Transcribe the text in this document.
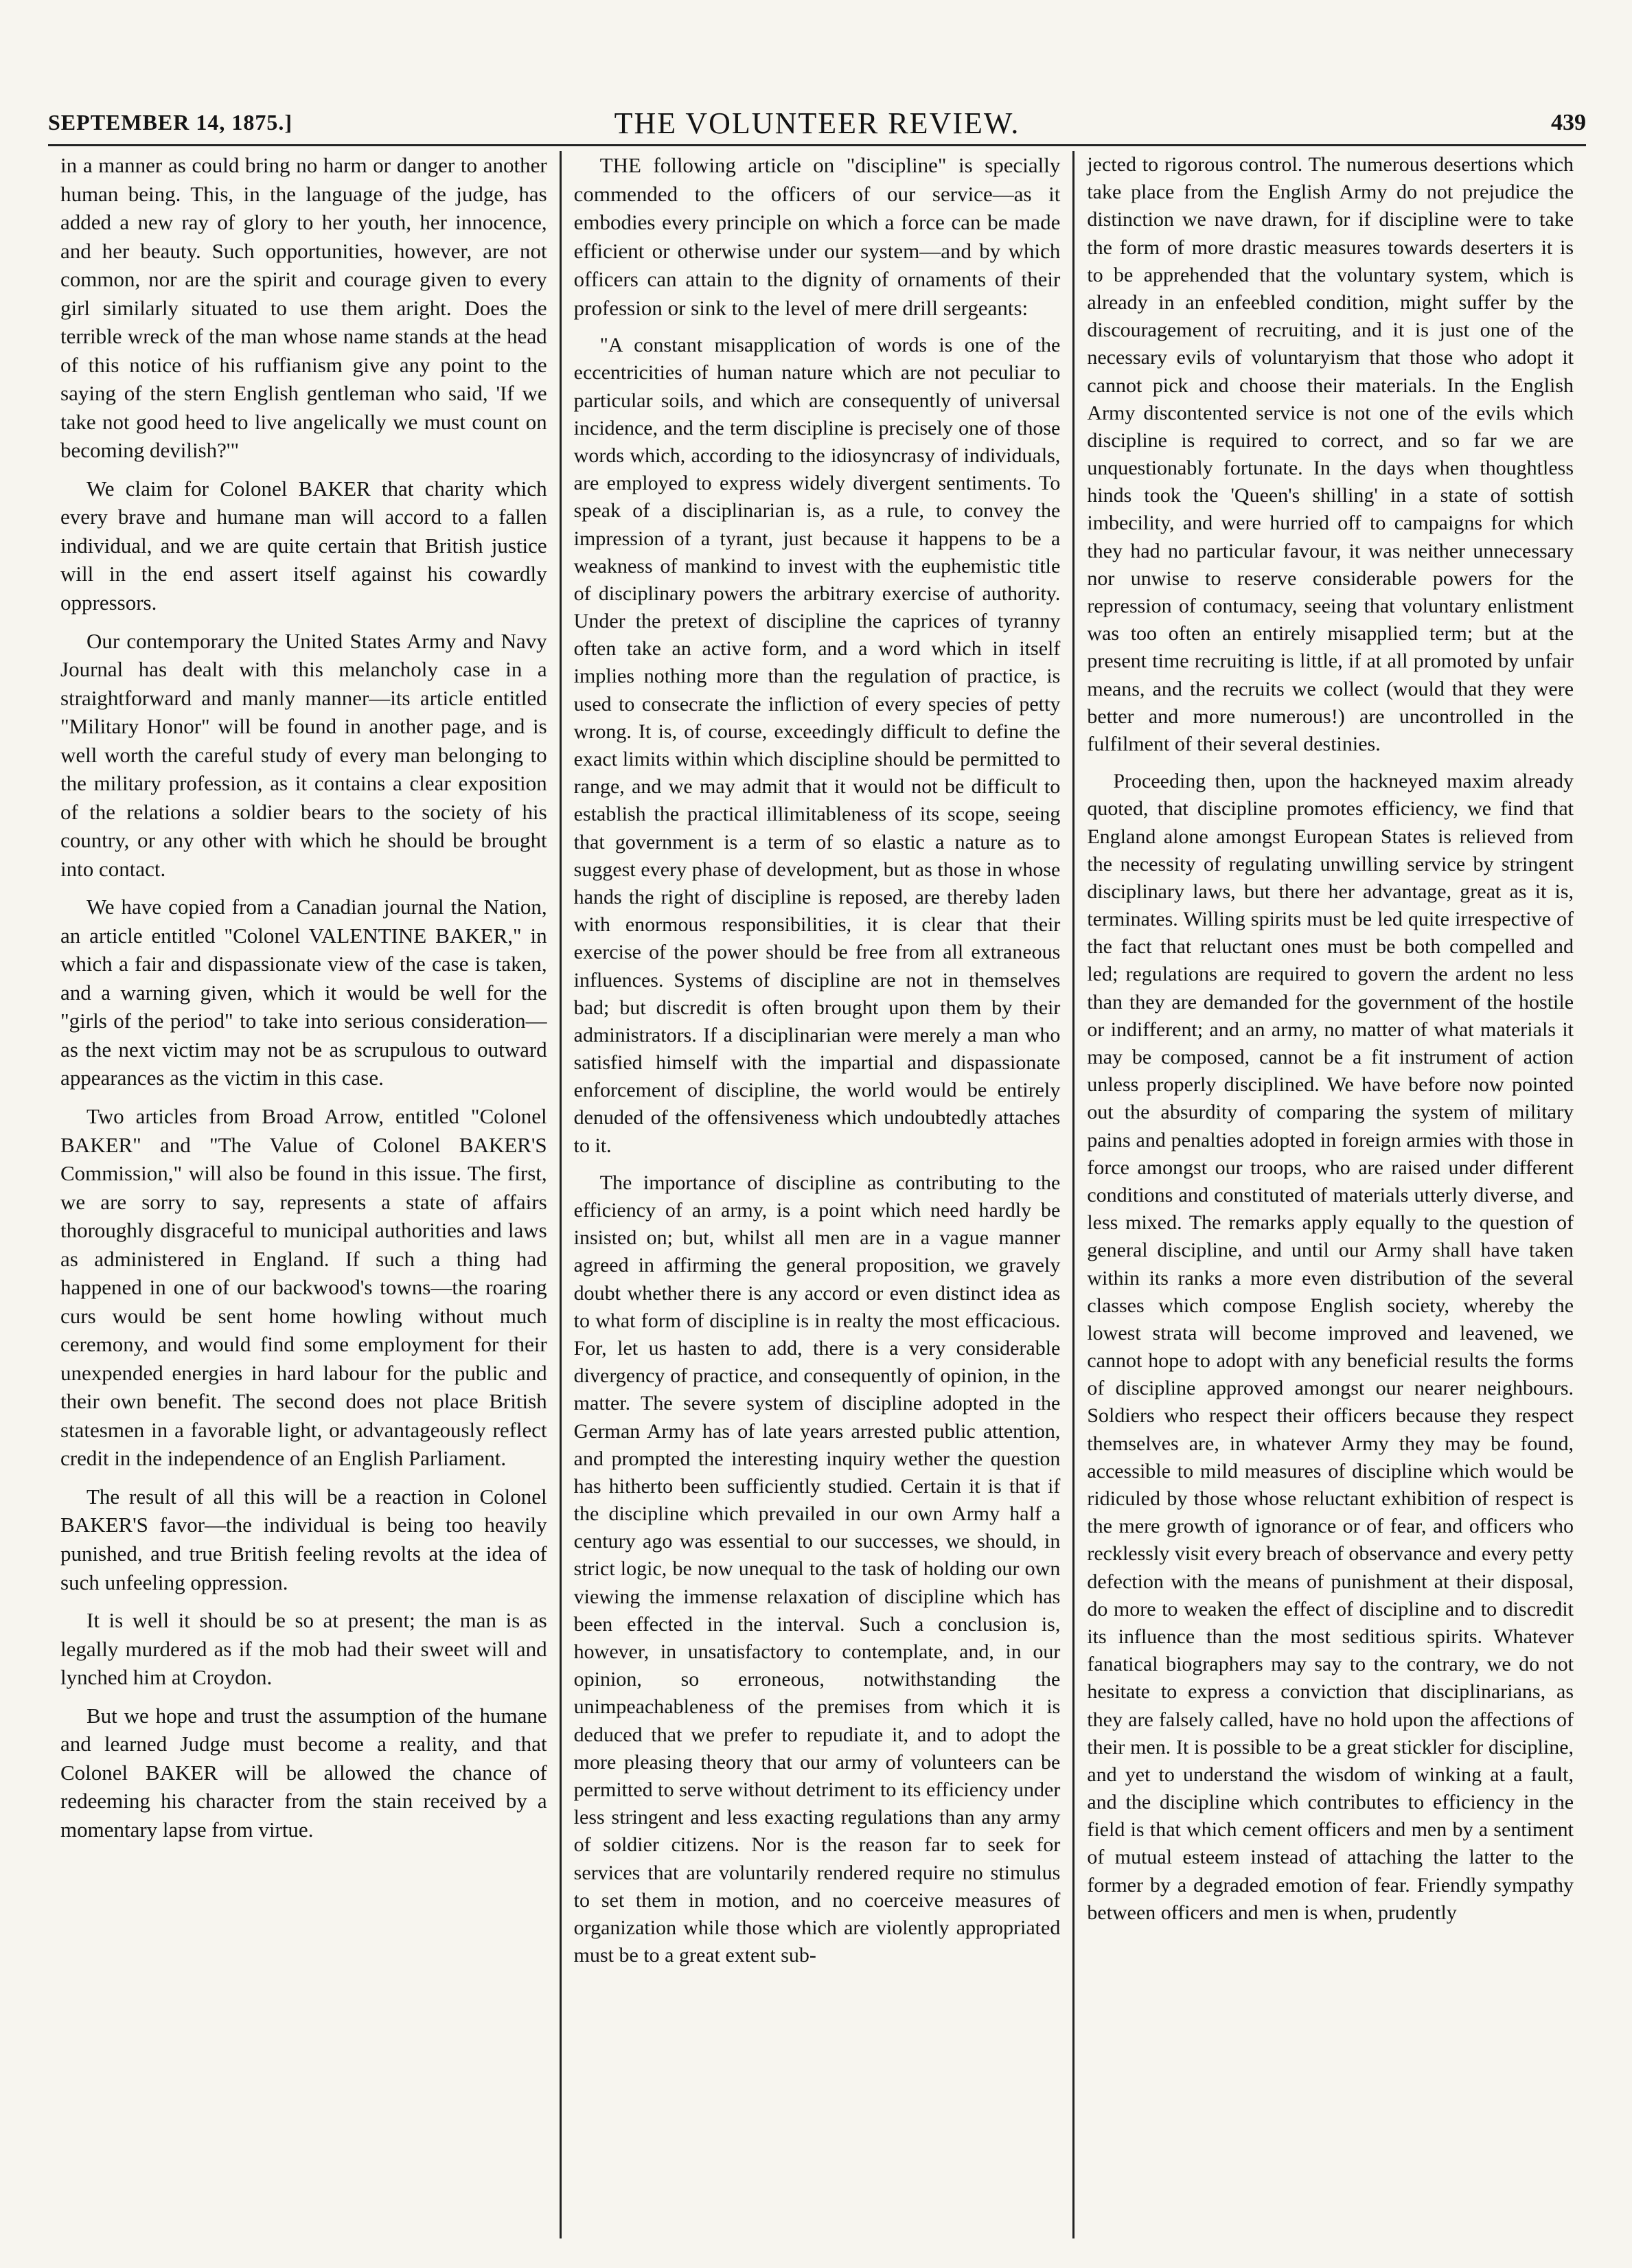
SEPTEMBER 14, 1875.]	THE VOLUNTEER REVIEW.	439

in a manner as could bring no harm or danger to another human being. This, in the language of the judge, has added a new ray of glory to her youth, her innocence, and her beauty. Such opportunities, however, are not common, nor are the spirit and courage given to every girl similarly situated to use them aright. Does the terrible wreck of the man whose name stands at the head of this notice of his ruffianism give any point to the saying of the stern English gentleman who said, 'If we take not good heed to live angelically we must count on becoming devilish?'"

We claim for Colonel BAKER that charity which every brave and humane man will accord to a fallen individual, and we are quite certain that British justice will in the end assert itself against his cowardly oppressors.

Our contemporary the United States Army and Navy Journal has dealt with this melancholy case in a straightforward and manly manner—its article entitled "Military Honor" will be found in another page, and is well worth the careful study of every man belonging to the military profession, as it contains a clear exposition of the relations a soldier bears to the society of his country, or any other with which he should be brought into contact.

We have copied from a Canadian journal the Nation, an article entitled "Colonel VALENTINE BAKER," in which a fair and dispassionate view of the case is taken, and a warning given, which it would be well for the "girls of the period" to take into serious consideration—as the next victim may not be as scrupulous to outward appearances as the victim in this case.

Two articles from Broad Arrow, entitled "Colonel BAKER" and "The Value of Colonel BAKER'S Commission," will also be found in this issue. The first, we are sorry to say, represents a state of affairs thoroughly disgraceful to municipal authorities and laws as administered in England. If such a thing had happened in one of our backwood's towns—the roaring curs would be sent home howling without much ceremony, and would find some employment for their unexpended energies in hard labour for the public and their own benefit. The second does not place British statesmen in a favorable light, or advantageously reflect credit in the independence of an English Parliament.

The result of all this will be a reaction in Colonel BAKER'S favor—the individual is being too heavily punished, and true British feeling revolts at the idea of such unfeeling oppression.

It is well it should be so at present; the man is as legally murdered as if the mob had their sweet will and lynched him at Croydon.

But we hope and trust the assumption of the humane and learned Judge must become a reality, and that Colonel BAKER will be allowed the chance of redeeming his character from the stain received by a momentary lapse from virtue.

THE following article on "discipline" is specially commended to the officers of our service—as it embodies every principle on which a force can be made efficient or otherwise under our system—and by which officers can attain to the dignity of ornaments of their profession or sink to the level of mere drill sergeants:

"A constant misapplication of words is one of the eccentricities of human nature which are not peculiar to particular soils, and which are consequently of universal incidence, and the term discipline is precisely one of those words which, according to the idiosyncrasy of individuals, are employed to express widely divergent sentiments. To speak of a disciplinarian is, as a rule, to convey the impression of a tyrant, just because it happens to be a weakness of mankind to invest with the euphemistic title of disciplinary powers the arbitrary exercise of authority. Under the pretext of discipline the caprices of tyranny often take an active form, and a word which in itself implies nothing more than the regulation of practice, is used to consecrate the infliction of every species of petty wrong. It is, of course, exceedingly difficult to define the exact limits within which discipline should be permitted to range, and we may admit that it would not be difficult to establish the practical illimitableness of its scope, seeing that government is a term of so elastic a nature as to suggest every phase of development, but as those in whose hands the right of discipline is reposed, are thereby laden with enormous responsibilities, it is clear that their exercise of the power should be free from all extraneous influences. Systems of discipline are not in themselves bad; but discredit is often brought upon them by their administrators. If a disciplinarian were merely a man who satisfied himself with the impartial and dispassionate enforcement of discipline, the world would be entirely denuded of the offensiveness which undoubtedly attaches to it.

The importance of discipline as contributing to the efficiency of an army, is a point which need hardly be insisted on; but, whilst all men are in a vague manner agreed in affirming the general proposition, we gravely doubt whether there is any accord or even distinct idea as to what form of discipline is in realty the most efficacious. For, let us hasten to add, there is a very considerable divergency of practice, and consequently of opinion, in the matter. The severe system of discipline adopted in the German Army has of late years arrested public attention, and prompted the interesting inquiry wether the question has hitherto been sufficiently studied. Certain it is that if the discipline which prevailed in our own Army half a century ago was essential to our successes, we should, in strict logic, be now unequal to the task of holding our own viewing the immense relaxation of discipline which has been effected in the interval. Such a conclusion is, however, in unsatisfactory to contemplate, and, in our opinion, so erroneous, notwithstanding the unimpeachableness of the premises from which it is deduced that we prefer to repudiate it, and to adopt the more pleasing theory that our army of volunteers can be permitted to serve without detriment to its efficiency under less stringent and less exacting regulations than any army of soldier citizens. Nor is the reason far to seek for services that are voluntarily rendered require no stimulus to set them in motion, and no coerceive measures of organization while those which are violently appropriated must be to a great extent sub-

jected to rigorous control. The numerous desertions which take place from the English Army do not prejudice the distinction we nave drawn, for if discipline were to take the form of more drastic measures towards deserters it is to be apprehended that the voluntary system, which is already in an enfeebled condition, might suffer by the discouragement of recruiting, and it is just one of the necessary evils of voluntaryism that those who adopt it cannot pick and choose their materials. In the English Army discontented service is not one of the evils which discipline is required to correct, and so far we are unquestionably fortunate. In the days when thoughtless hinds took the 'Queen's shilling' in a state of sottish imbecility, and were hurried off to campaigns for which they had no particular favour, it was neither unnecessary nor unwise to reserve considerable powers for the repression of contumacy, seeing that voluntary enlistment was too often an entirely misapplied term; but at the present time recruiting is little, if at all promoted by unfair means, and the recruits we collect (would that they were better and more numerous!) are uncontrolled in the fulfilment of their several destinies.

Proceeding then, upon the hackneyed maxim already quoted, that discipline promotes efficiency, we find that England alone amongst European States is relieved from the necessity of regulating unwilling service by stringent disciplinary laws, but there her advantage, great as it is, terminates. Willing spirits must be led quite irrespective of the fact that reluctant ones must be both compelled and led; regulations are required to govern the ardent no less than they are demanded for the government of the hostile or indifferent; and an army, no matter of what materials it may be composed, cannot be a fit instrument of action unless properly disciplined. We have before now pointed out the absurdity of comparing the system of military pains and penalties adopted in foreign armies with those in force amongst our troops, who are raised under different conditions and constituted of materials utterly diverse, and less mixed. The remarks apply equally to the question of general discipline, and until our Army shall have taken within its ranks a more even distribution of the several classes which compose English society, whereby the lowest strata will become improved and leavened, we cannot hope to adopt with any beneficial results the forms of discipline approved amongst our nearer neighbours. Soldiers who respect their officers because they respect themselves are, in whatever Army they may be found, accessible to mild measures of discipline which would be ridiculed by those whose reluctant exhibition of respect is the mere growth of ignorance or of fear, and officers who recklessly visit every breach of observance and every petty defection with the means of punishment at their disposal, do more to weaken the effect of discipline and to discredit its influence than the most seditious spirits. Whatever fanatical biographers may say to the contrary, we do not hesitate to express a conviction that disciplinarians, as they are falsely called, have no hold upon the affections of their men. It is possible to be a great stickler for discipline, and yet to understand the wisdom of winking at a fault, and the discipline which contributes to efficiency in the field is that which cement officers and men by a sentiment of mutual esteem instead of attaching the latter to the former by a degraded emotion of fear. Friendly sympathy between officers and men is when, prudently
